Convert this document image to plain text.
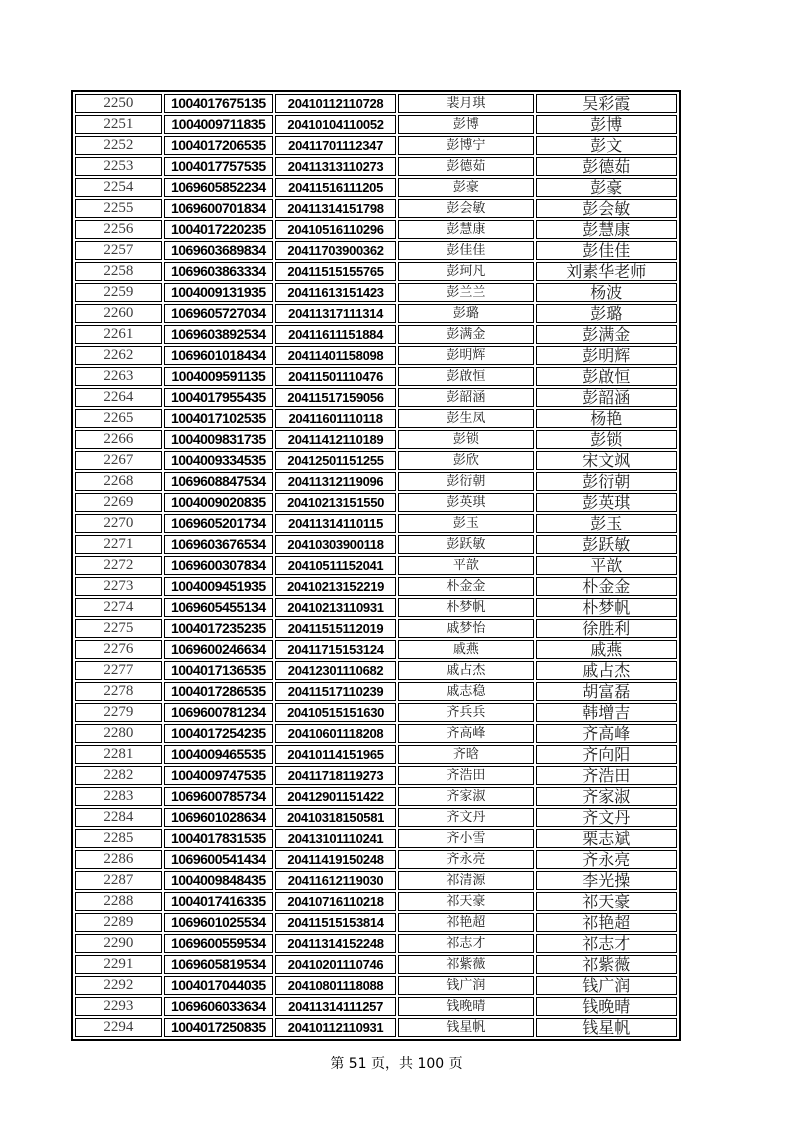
2250	1004017675135	20410112110728	裴月琪	吴彩霞
2251	1004009711835	20410104110052	彭博	彭博
2252	1004017206535	20411701112347	彭博宁	彭文
2253	1004017757535	20411313110273	彭德茹	彭德茹
2254	1069605852234	20411516111205	彭豪	彭豪
2255	1069600701834	20411314151798	彭会敏	彭会敏
2256	1004017220235	20410516110296	彭慧康	彭慧康
2257	1069603689834	20411703900362	彭佳佳	彭佳佳
2258	1069603863334	20411515155765	彭珂凡	刘素华老师
2259	1004009131935	20411613151423	彭兰兰	杨波
2260	1069605727034	20411317111314	彭璐	彭璐
2261	1069603892534	20411611151884	彭满金	彭满金
2262	1069601018434	20411401158098	彭明辉	彭明辉
2263	1004009591135	20411501110476	彭啟恒	彭啟恒
2264	1004017955435	20411517159056	彭韶涵	彭韶涵
2265	1004017102535	20411601110118	彭生凤	杨艳
2266	1004009831735	20411412110189	彭锁	彭锁
2267	1004009334535	20412501151255	彭欣	宋文飒
2268	1069608847534	20411312119096	彭衍朝	彭衍朝
2269	1004009020835	20410213151550	彭英琪	彭英琪
2270	1069605201734	20411314110115	彭玉	彭玉
2271	1069603676534	20410303900118	彭跃敏	彭跃敏
2272	1069600307834	20410511152041	平歆	平歆
2273	1004009451935	20410213152219	朴金金	朴金金
2274	1069605455134	20410213110931	朴梦帆	朴梦帆
2275	1004017235235	20411515112019	戚梦怡	徐胜利
2276	1069600246634	20411715153124	戚燕	戚燕
2277	1004017136535	20412301110682	戚占杰	戚占杰
2278	1004017286535	20411517110239	戚志稳	胡富磊
2279	1069600781234	20410515151630	齐兵兵	韩增吉
2280	1004017254235	20410601118208	齐高峰	齐高峰
2281	1004009465535	20410114151965	齐晗	齐向阳
2282	1004009747535	20411718119273	齐浩田	齐浩田
2283	1069600785734	20412901151422	齐家淑	齐家淑
2284	1069601028634	20410318150581	齐文丹	齐文丹
2285	1004017831535	20413101110241	齐小雪	栗志斌
2286	1069600541434	20411419150248	齐永亮	齐永亮
2287	1004009848435	20411612119030	祁清源	李光操
2288	1004017416335	20410716110218	祁天豪	祁天豪
2289	1069601025534	20411515153814	祁艳超	祁艳超
2290	1069600559534	20411314152248	祁志才	祁志才
2291	1069605819534	20410201110746	祁紫薇	祁紫薇
2292	1004017044035	20410801118088	钱广润	钱广润
2293	1069606033634	20411314111257	钱晚晴	钱晚晴
2294	1004017250835	20410112110931	钱星帆	钱星帆
第 51 页，共 100 页
